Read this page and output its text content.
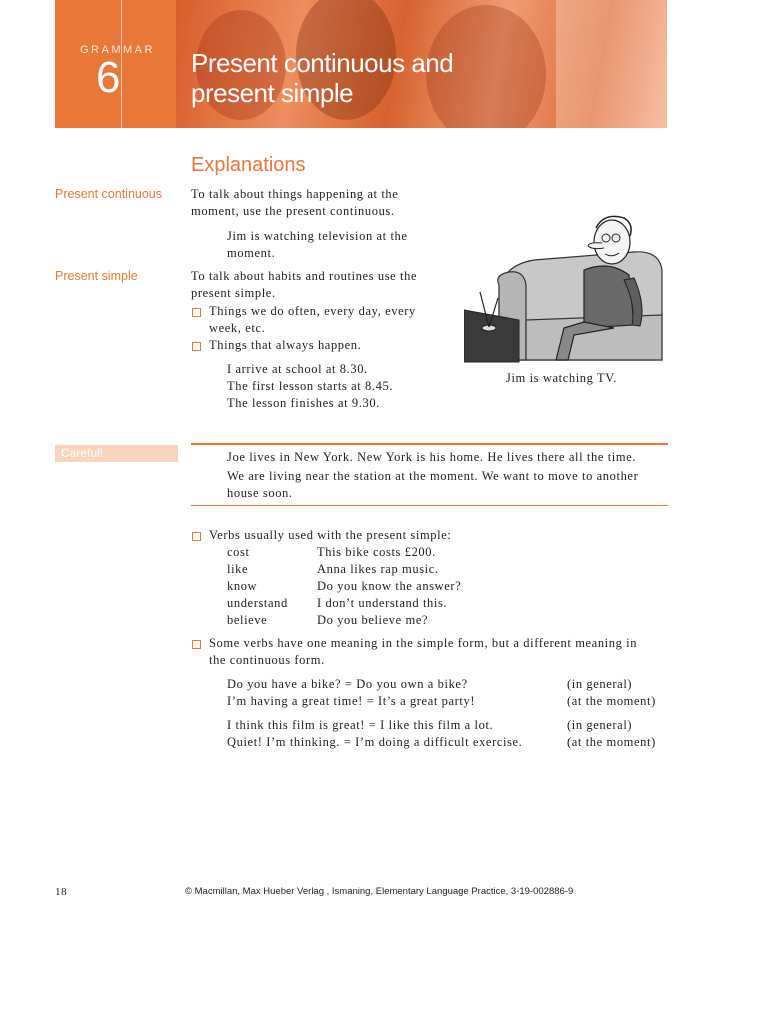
GRAMMAR
6	Present continuous and
present simple
Explanations
Present continuous To talk about things happening at the
moment, use the present continuous.
Jim is watching television at the
moment.
Present simple	To talk about habits and routines use the
present simple.
Things we do often, every day, every
week, etc.
Things that always happen.
I arrive at school at 8.30.
The first lesson starts at 8.45.
The lesson finishes at 9.30.
Jim is watching TV.
Careful!	Joe lives in New York. New York is his home. He lives there all the time.
We are living near the station at the moment. We want to move to another
house soon.
Verbs usually used with the present simple:
cost	This bike costs £200.
like	Anna likes rap music.
know	Do you know the answer?
understand	I don’t understand this.
believe	Do you believe me?
Some verbs have one meaning in the simple form, but a different meaning in
the continuous form.
Do you have a bike? = Do you own a bike?	(in general)
I’m having a great time! = It’s a great party!	(at the moment)
I think this film is great! = I like this film a lot.	(in general)
Quiet! I’m thinking. = I’m doing a difficult exercise.	(at the moment)
18	© Macmillan, Max Hueber Verlag , Ismaning, Elementary Language Practice, 3-19-002886-9
